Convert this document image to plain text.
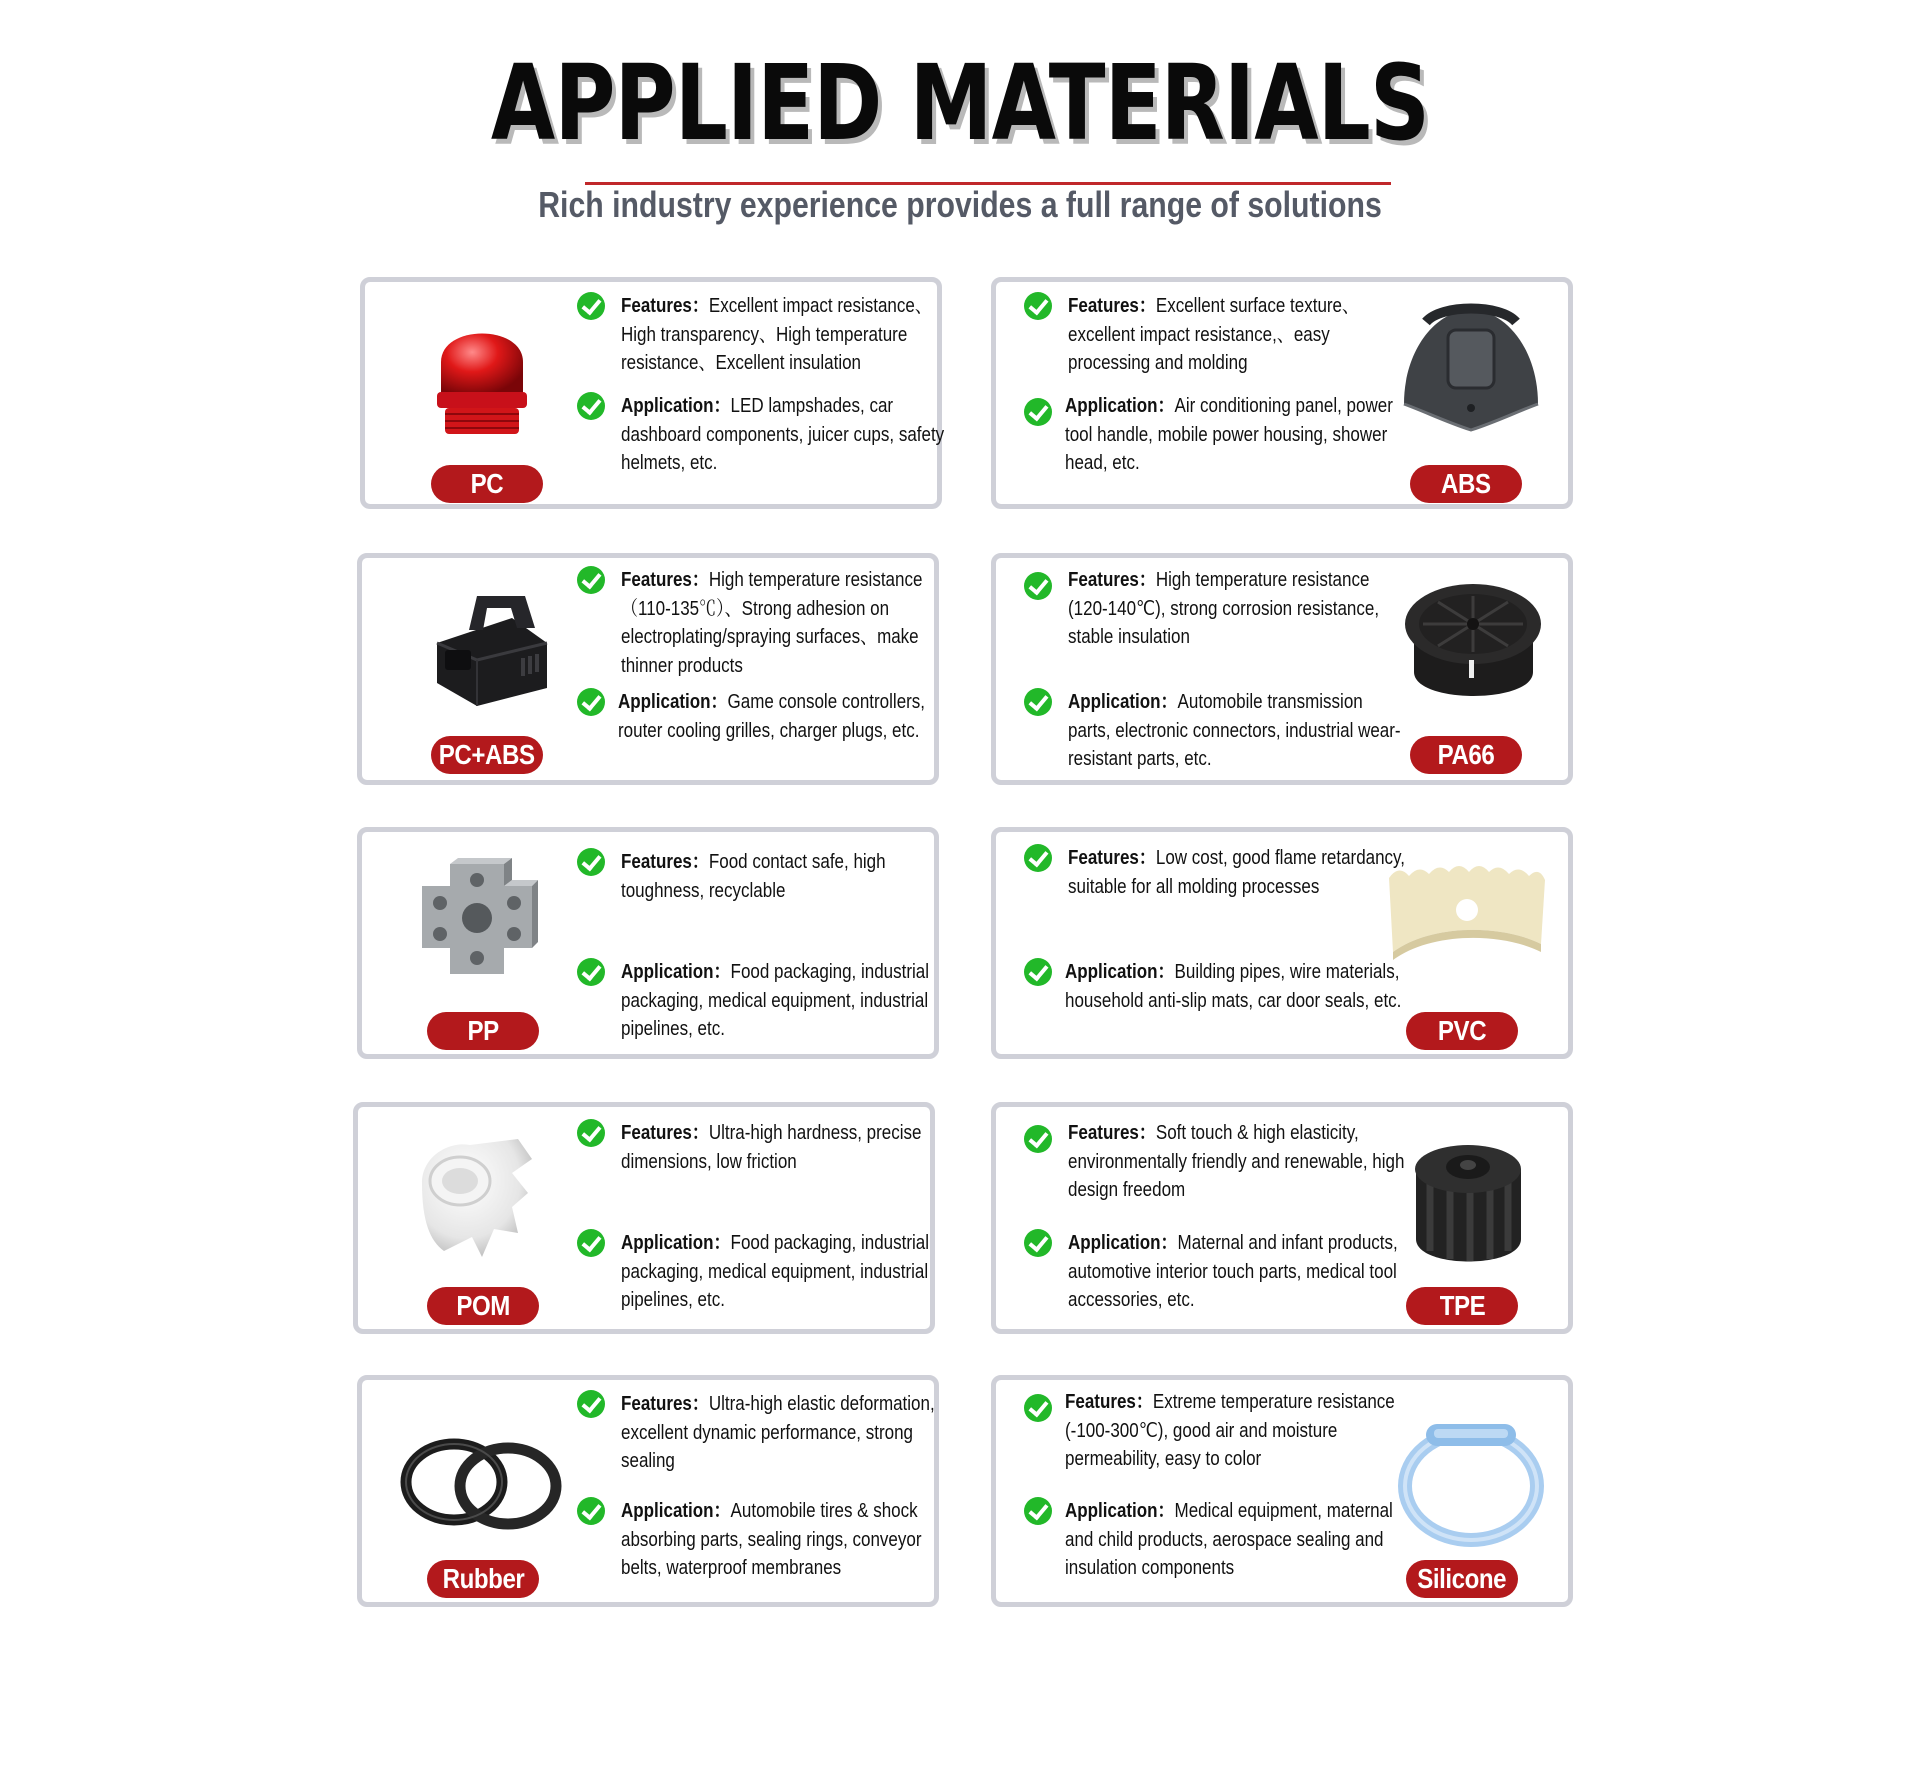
APPLIED MATERIALS

Rich industry experience provides a full range of solutions

PC
Features：Excellent impact resistance、High transparency、High temperature resistance、Excellent insulation
Application：LED lampshades, car dashboard components, juicer cups, safety helmets, etc.
Features：Excellent surface texture、excellent impact resistance,、easy processing and molding
Application：Air conditioning panel, power tool handle, mobile power housing, shower head, etc.
ABS
PC+ABS
Features：High temperature resistance（110-135℃）、Strong adhesion on electroplating/spraying surfaces、make thinner products
Application：Game console controllers, router cooling grilles, charger plugs, etc.
Features：High temperature resistance (120-140℃), strong corrosion resistance, stable insulation
Application：Automobile transmission parts, electronic connectors, industrial wear-resistant parts, etc.	PA66
PP
Features：Food contact safe, high toughness, recyclable
Application：Food packaging, industrial packaging, medical equipment, industrial pipelines, etc.
Features：Low cost, good flame retardancy, suitable for all molding processes
Application：Building pipes, wire materials, household anti-slip mats, car door seals, etc.
PVC
POM
Features：Ultra-high hardness, precise dimensions, low friction
Application：Food packaging, industrial packaging, medical equipment, industrial pipelines, etc.
Features：Soft touch & high elasticity, environmentally friendly and renewable, high design freedom
Application：Maternal and infant products, automotive interior touch parts, medical tool accessories, etc.	TPE
Rubber
Features：Ultra-high elastic deformation, excellent dynamic performance, strong sealing
Application：Automobile tires & shock absorbing parts, sealing rings, conveyor belts, waterproof membranes
Features：Extreme temperature resistance (-100-300℃), good air and moisture permeability, easy to color
Application：Medical equipment, maternal and child products, aerospace sealing and insulation components	Silicone
